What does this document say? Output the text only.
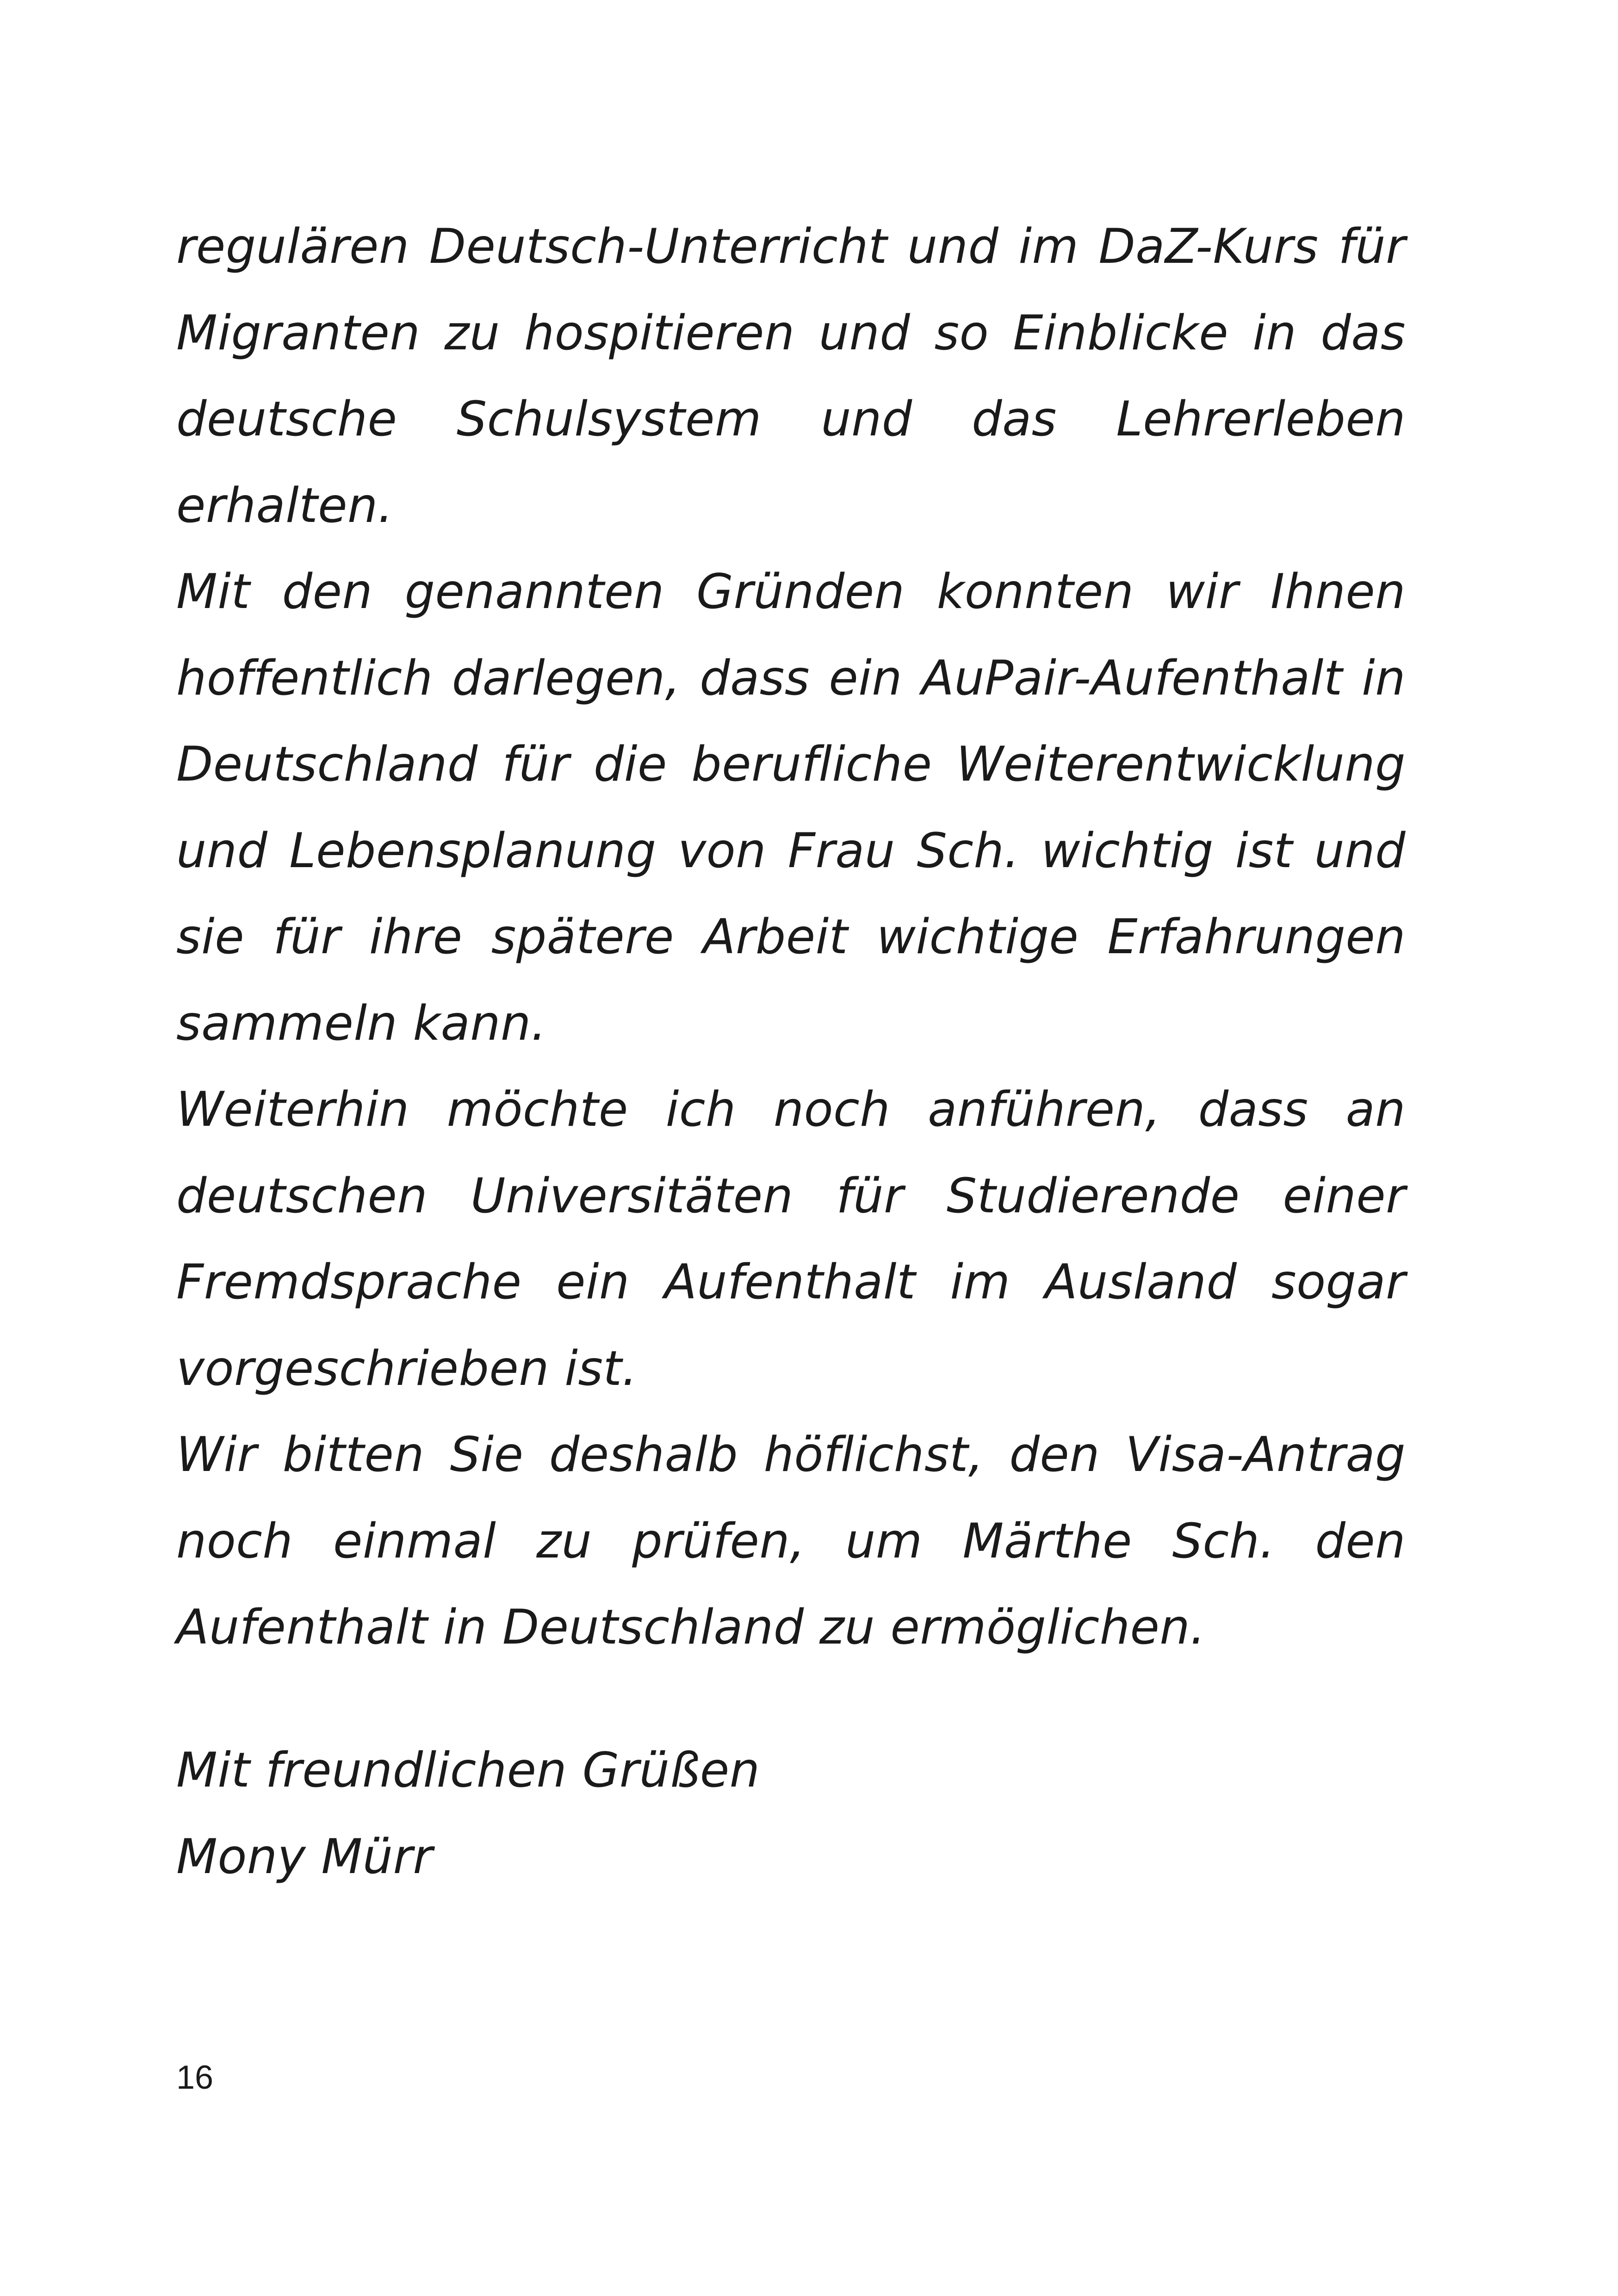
regulären Deutsch-Unterricht und im DaZ-Kurs für Migranten zu hospitieren und so Einblicke in das deutsche Schulsystem und das Lehrerleben erhalten.

Mit den genannten Gründen konnten wir Ihnen hoffentlich darlegen, dass ein AuPair-Aufenthalt in Deutschland für die berufliche Weiterentwicklung und Lebensplanung von Frau Sch. wichtig ist und sie für ihre spätere Arbeit wichtige Erfahrungen sammeln kann.

Weiterhin möchte ich noch anführen, dass an deutschen Universitäten für Studierende einer Fremdsprache ein Aufenthalt im Ausland sogar vorgeschrieben ist.

Wir bitten Sie deshalb höflichst, den Visa-Antrag noch einmal zu prüfen, um Märthe Sch. den Aufenthalt in Deutschland zu ermöglichen.

Mit freundlichen Grüßen
Mony Mürr
16
